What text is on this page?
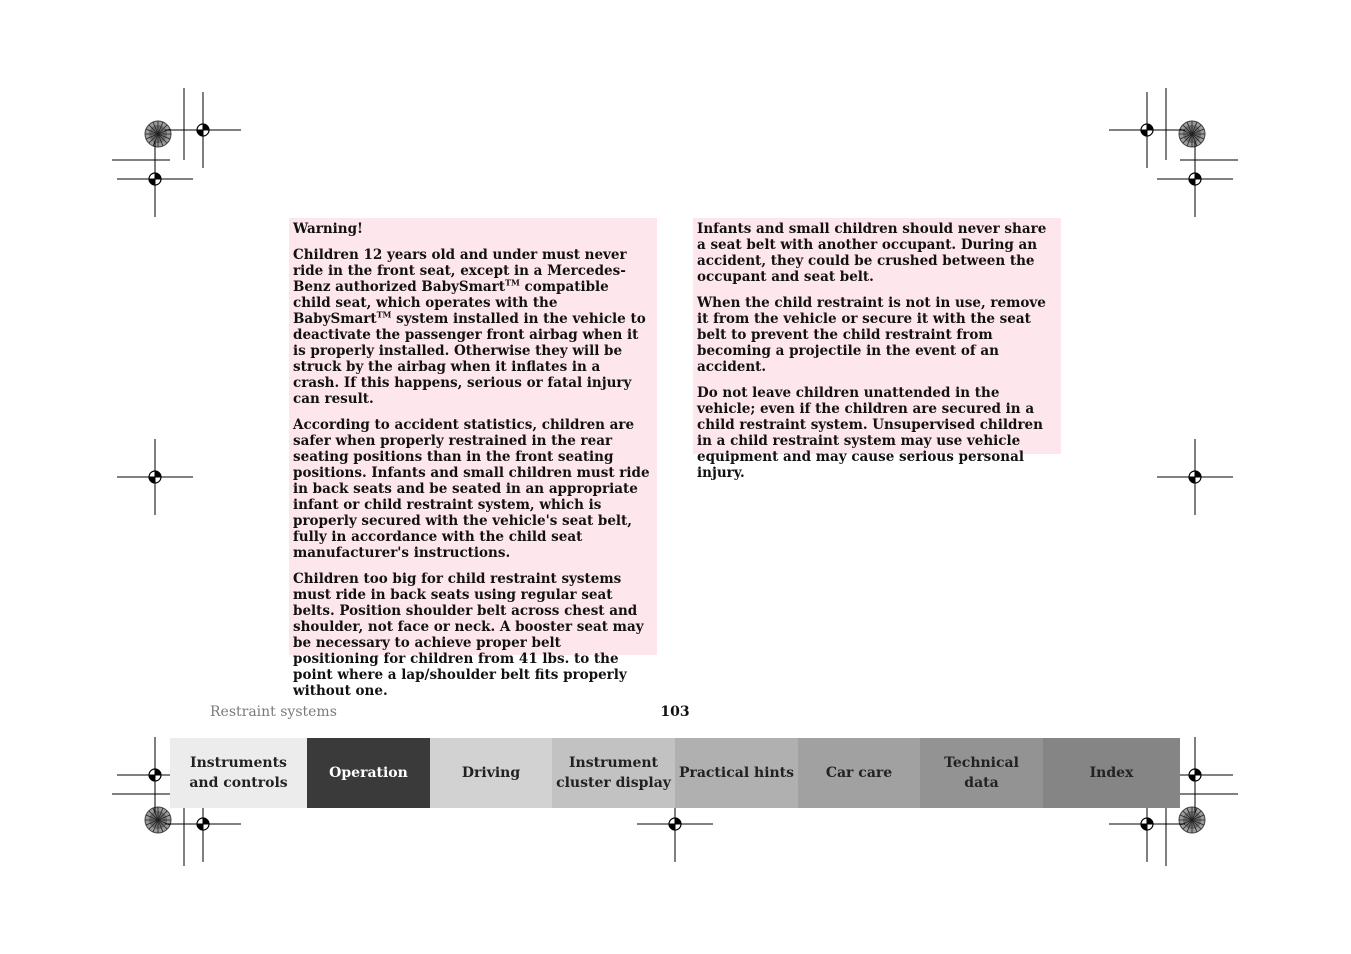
Warning!

Children 12 years old and under must never ride in the front seat, except in a Mercedes-Benz authorized BabySmart™ compatible child seat, which operates with the BabySmart™ system installed in the vehicle to deactivate the passenger front airbag when it is properly installed. Otherwise they will be struck by the airbag when it inflates in a crash. If this happens, serious or fatal injury can result.

According to accident statistics, children are safer when properly restrained in the rear seating positions than in the front seating positions. Infants and small children must ride in back seats and be seated in an appropriate infant or child restraint system, which is properly secured with the vehicle's seat belt, fully in accordance with the child seat manufacturer's instructions.

Children too big for child restraint systems must ride in back seats using regular seat belts. Position shoulder belt across chest and shoulder, not face or neck. A booster seat may be necessary to achieve proper belt positioning for children from 41 lbs. to the point where a lap/shoulder belt fits properly without one.

Infants and small children should never share a seat belt with another occupant. During an accident, they could be crushed between the occupant and seat belt.

When the child restraint is not in use, remove it from the vehicle or secure it with the seat belt to prevent the child restraint from becoming a projectile in the event of an accident.

Do not leave children unattended in the vehicle; even if the children are secured in a child restraint system. Unsupervised children in a child restraint system may use vehicle equipment and may cause serious personal injury.

Restraint systems	103
Instruments
and controls
Operation	Driving
Instrument
cluster display
Practical hints	Car care
Technical
data
Index
